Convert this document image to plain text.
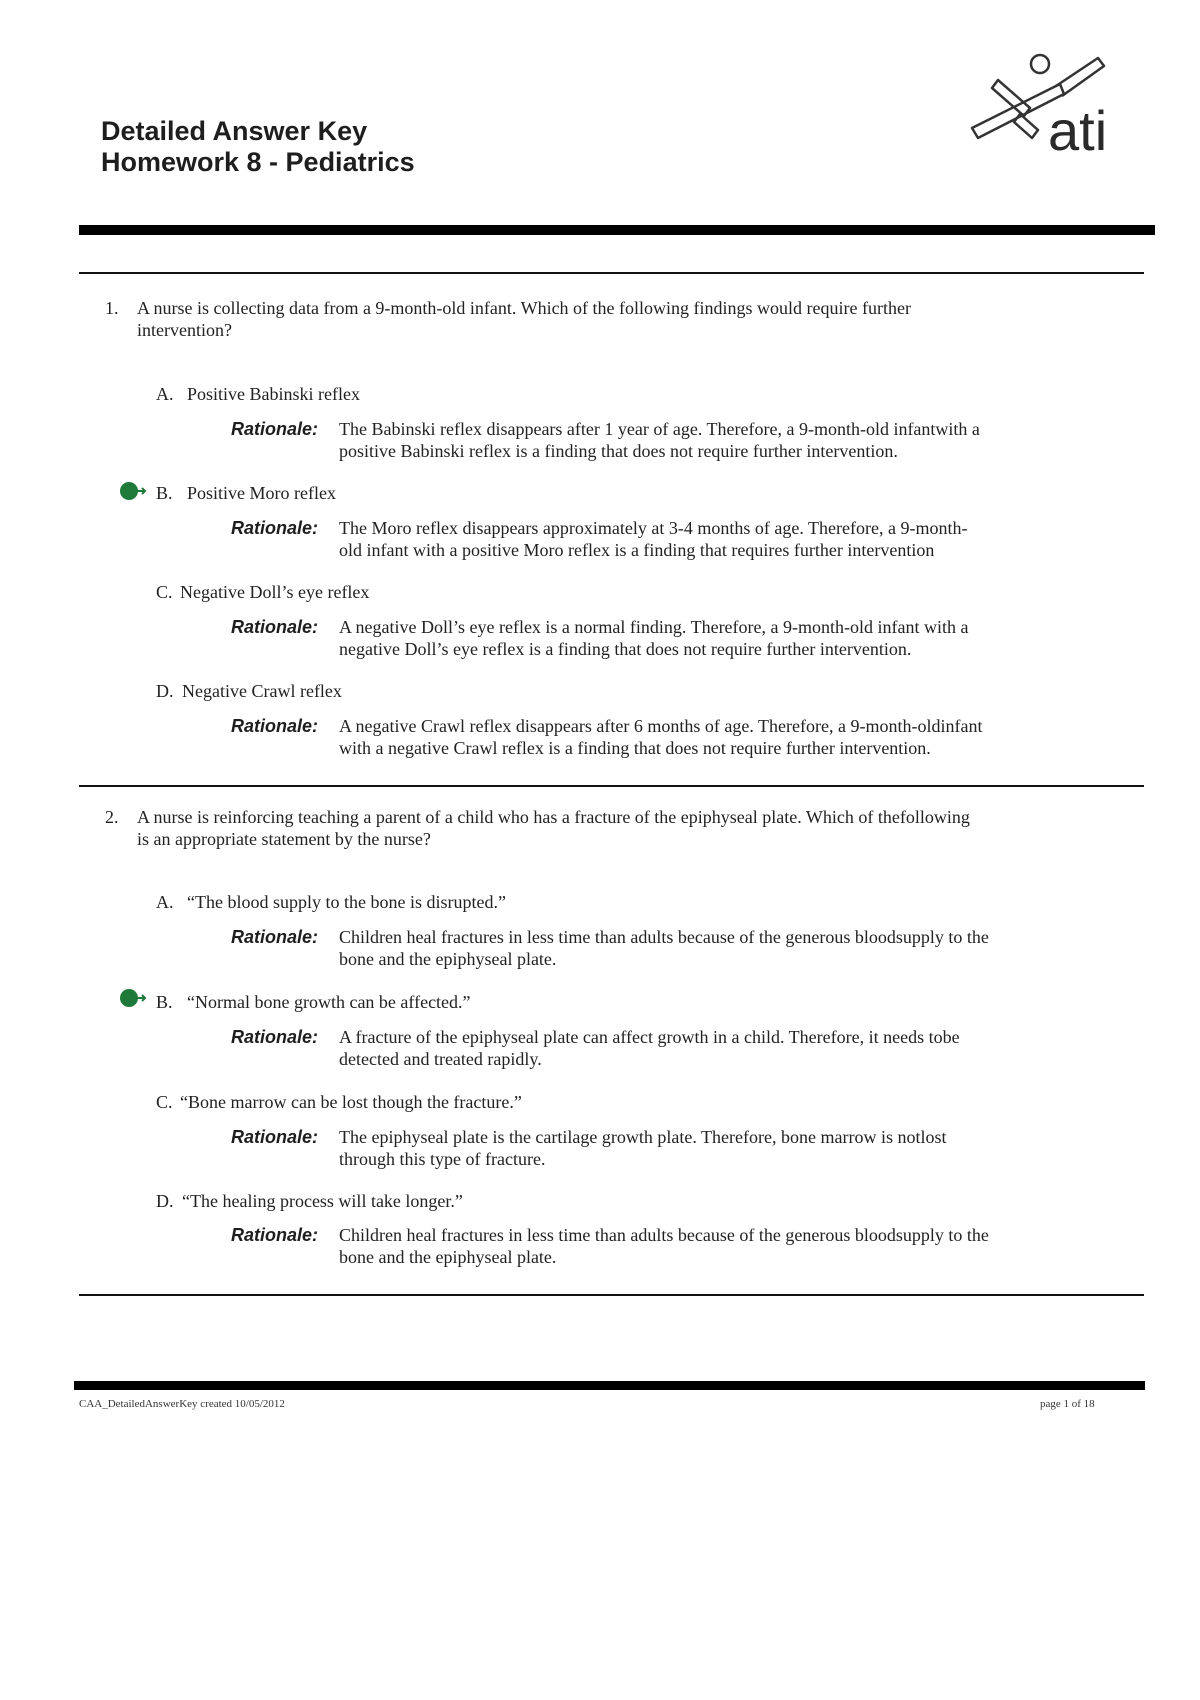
Detailed Answer Key
Homework 8 - Pediatrics	ati
1. A nurse is collecting data from a 9-month-old infant. Which of the following findings would require further
intervention?
A. Positive Babinski reflex
Rationale: The Babinski reflex disappears after 1 year of age. Therefore, a 9-month-old infantwith a
positive Babinski reflex is a finding that does not require further intervention.
B. Positive Moro reflex
Rationale: The Moro reflex disappears approximately at 3-4 months of age. Therefore, a 9-month-
old infant with a positive Moro reflex is a finding that requires further intervention
C. Negative Doll’s eye reflex
Rationale: A negative Doll’s eye reflex is a normal finding. Therefore, a 9-month-old infant with a
negative Doll’s eye reflex is a finding that does not require further intervention.
D. Negative Crawl reflex
Rationale: A negative Crawl reflex disappears after 6 months of age. Therefore, a 9-month-oldinfant
with a negative Crawl reflex is a finding that does not require further intervention.
2. A nurse is reinforcing teaching a parent of a child who has a fracture of the epiphyseal plate. Which of thefollowing
is an appropriate statement by the nurse?
A. “The blood supply to the bone is disrupted.”
Rationale: Children heal fractures in less time than adults because of the generous bloodsupply to the
bone and the epiphyseal plate.
B. “Normal bone growth can be affected.”
Rationale: A fracture of the epiphyseal plate can affect growth in a child. Therefore, it needs tobe
detected and treated rapidly.
C. “Bone marrow can be lost though the fracture.”
Rationale: The epiphyseal plate is the cartilage growth plate. Therefore, bone marrow is notlost
through this type of fracture.
D. “The healing process will take longer.”
Rationale: Children heal fractures in less time than adults because of the generous bloodsupply to the
bone and the epiphyseal plate.
CAA_DetailedAnswerKey created 10/05/2012	page 1 of 18
